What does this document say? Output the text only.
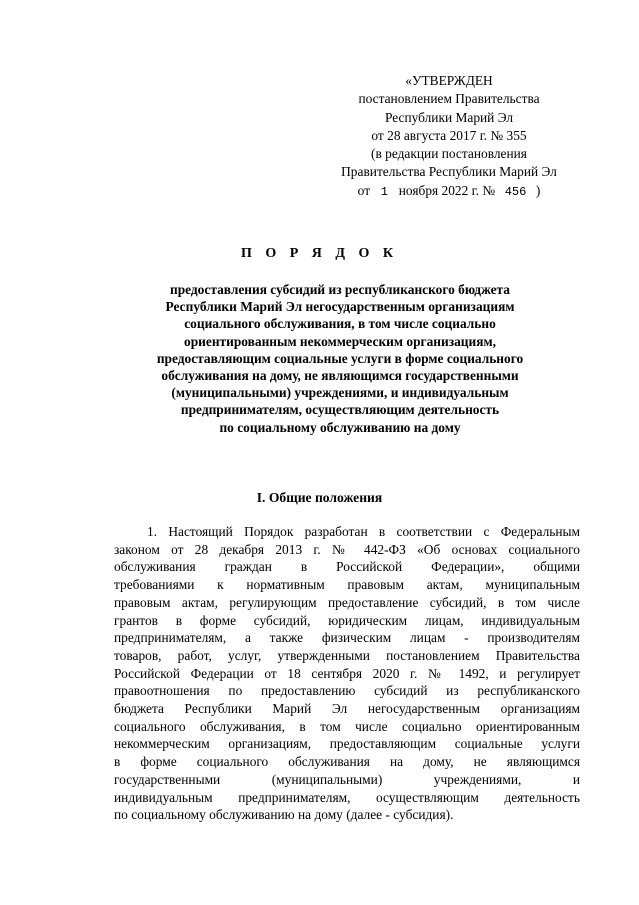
«УТВЕРЖДЕН
постановлением Правительства
Республики Марий Эл
от 28 августа 2017 г. № 355
(в редакции постановления
Правительства Республики Марий Эл
от 1 ноября 2022 г. № 456 )
П О Р Я Д О К
предоставления субсидий из республиканского бюджета
Республики Марий Эл негосударственным организациям
социального обслуживания, в том числе социально
ориентированным некоммерческим организациям,
предоставляющим социальные услуги в форме социального
обслуживания на дому, не являющимся государственными
(муниципальными) учреждениями, и индивидуальным
предпринимателям, осуществляющим деятельность
по социальному обслуживанию на дому
I. Общие положения
1. Настоящий Порядок разработан в соответствии с Федеральным
законом от 28 декабря 2013 г. № 442-ФЗ «Об основах социального
обслуживания граждан в Российской Федерации», общими
требованиями к нормативным правовым актам, муниципальным
правовым актам, регулирующим предоставление субсидий, в том числе
грантов в форме субсидий, юридическим лицам, индивидуальным
предпринимателям, а также физическим лицам - производителям
товаров, работ, услуг, утвержденными постановлением Правительства
Российской Федерации от 18 сентября 2020 г. № 1492, и регулирует
правоотношения по предоставлению субсидий из республиканского
бюджета Республики Марий Эл негосударственным организациям
социального обслуживания, в том числе социально ориентированным
некоммерческим организациям, предоставляющим социальные услуги
в форме социального обслуживания на дому, не являющимся
государственными (муниципальными) учреждениями, и
индивидуальным предпринимателям, осуществляющим деятельность
по социальному обслуживанию на дому (далее - субсидия).
